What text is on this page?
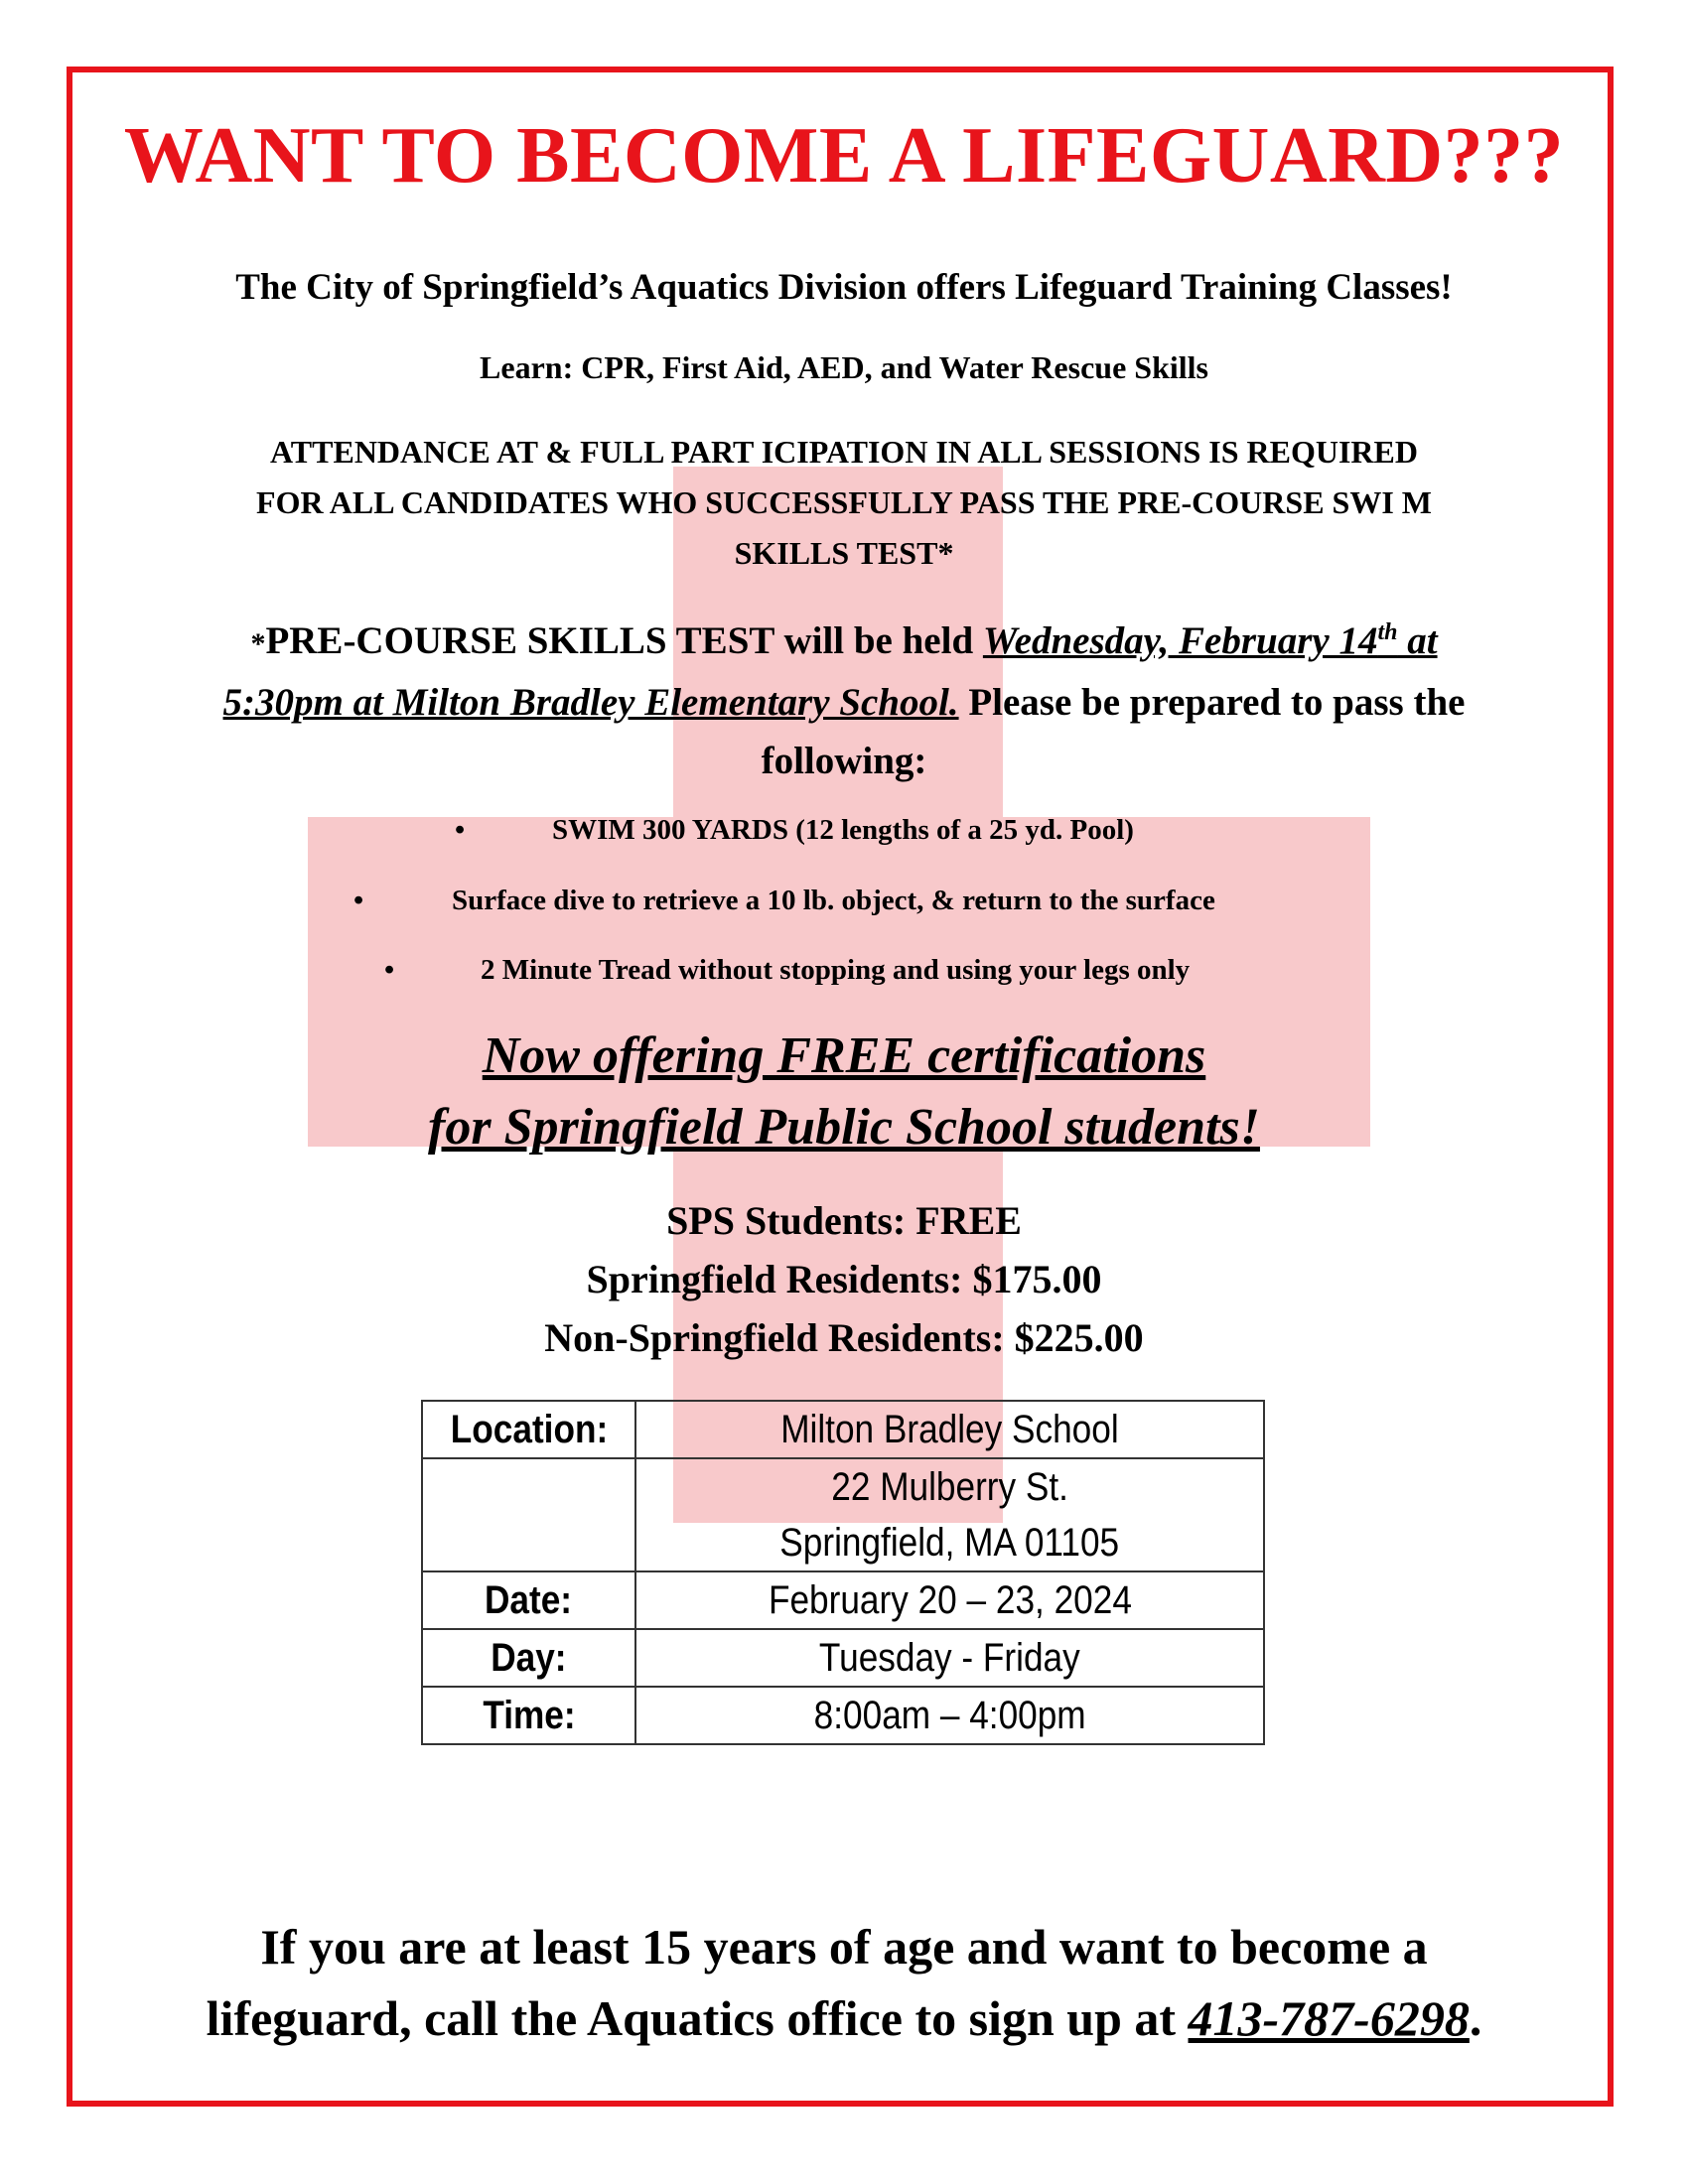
WANT TO BECOME A LIFEGUARD???
The City of Springfield’s Aquatics Division offers Lifeguard Training Classes!
Learn: CPR, First Aid, AED, and Water Rescue Skills
ATTENDANCE AT & FULL PART ICIPATION IN ALL SESSIONS IS REQUIRED
FOR ALL CANDIDATES WHO SUCCESSFULLY PASS THE PRE-COURSE SWI M
SKILLS TEST*
*PRE-COURSE SKILLS TEST will be held Wednesday, February 14th at
5:30pm at Milton Bradley Elementary School. Please be prepared to pass the
following:
•	SWIM 300 YARDS (12 lengths of a 25 yd. Pool)
•	Surface dive to retrieve a 10 lb. object, & return to the surface
•	2 Minute Tread without stopping and using your legs only
Now offering FREE certifications
for Springfield Public School students!
SPS Students: FREE
Springfield Residents: $175.00
Non-Springfield Residents: $225.00
Location:	Milton Bradley School

	22 Mulberry St.
Springfield, MA 01105

Date:	February 20 – 23, 2024
Day:	Tuesday - Friday
Time:	8:00am – 4:00pm
If you are at least 15 years of age and want to become a
lifeguard, call the Aquatics office to sign up at 413-787-6298.
